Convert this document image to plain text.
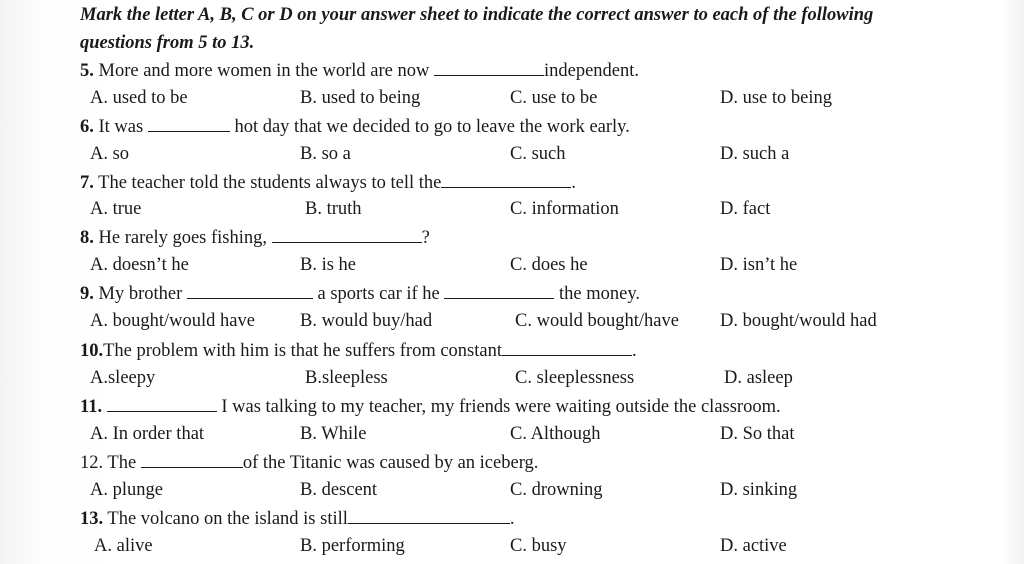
Mark the letter A, B, C or D on your answer sheet to indicate the correct answer to each of the following
questions from 5 to 13.
5. More and more women in the world are now	independent.
A. used to be	B. used to being	C. use to be	D. use to being
6. It was	hot day that we decided to go to leave the work early.
A. so	B. so a	C. such	D. such a
7. The teacher told the students always to tell the	.
A. true	B. truth	C. information	D. fact
8. He rarely goes fishing,	?
A. doesn’t he	B. is he	C. does he	D. isn’t he
9. My brother	a sports car if he	the money.
A. bought/would have B. would buy/had	C. would bought/have D. bought/would had
10.The problem with him is that he suffers from constant	.
A.sleepy	B.sleepless	C. sleeplessness	D. asleep
11.	I was talking to my teacher, my friends were waiting outside the classroom.
A. In order that	B. While	C. Although	D. So that
12. The	of the Titanic was caused by an iceberg.
A. plunge	B. descent	C. drowning	D. sinking
13. The volcano on the island is still	.
A. alive	B. performing	C. busy	D. active
